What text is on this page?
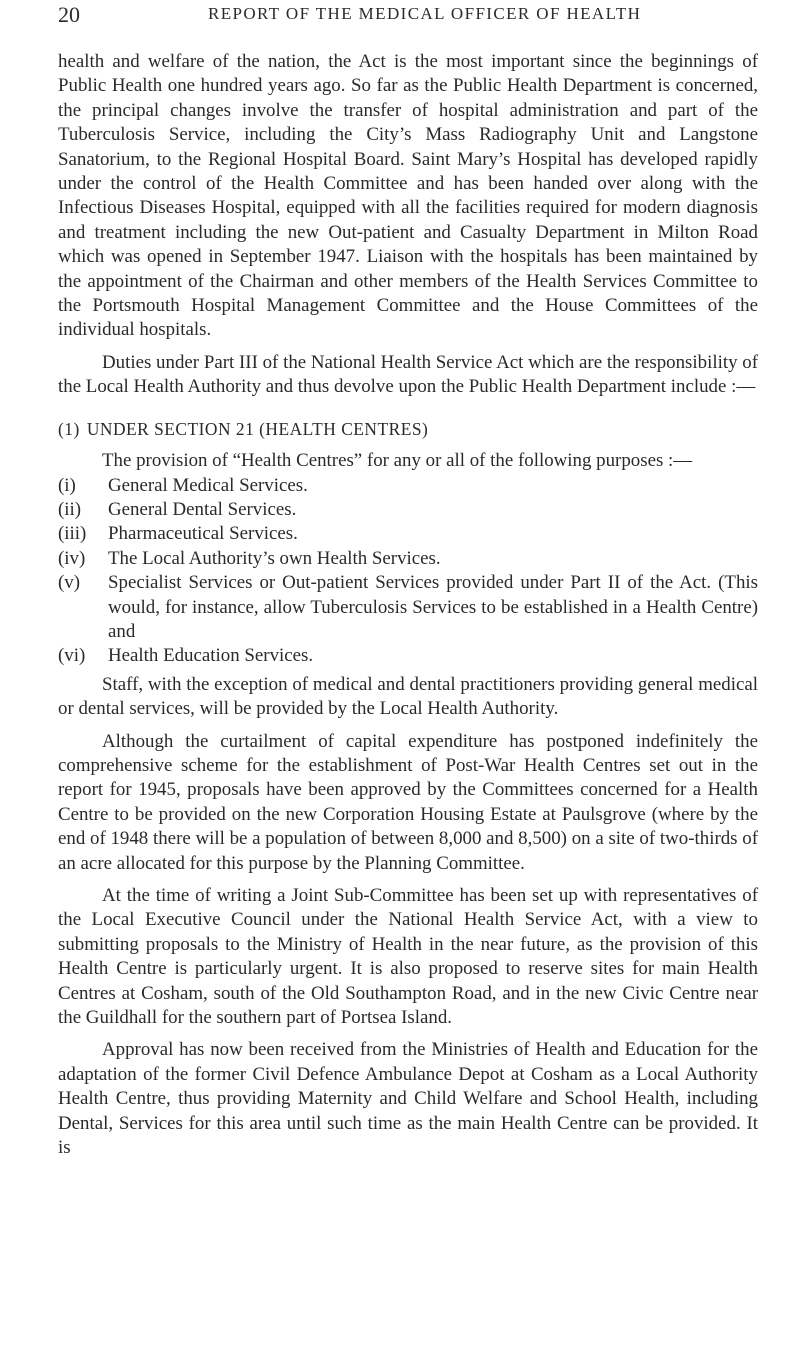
20	REPORT OF THE MEDICAL OFFICER OF HEALTH

health and welfare of the nation, the Act is the most important since the beginnings of Public Health one hundred years ago. So far as the Public Health Department is concerned, the principal changes involve the transfer of hospital administration and part of the Tuberculosis Service, including the City’s Mass Radiography Unit and Langstone Sanatorium, to the Regional Hospital Board. Saint Mary’s Hospital has developed rapidly under the control of the Health Committee and has been handed over along with the Infectious Diseases Hospital, equipped with all the facilities required for modern diagnosis and treatment including the new Out-patient and Casualty Department in Milton Road which was opened in September 1947. Liaison with the hospitals has been maintained by the appointment of the Chairman and other members of the Health Services Committee to the Portsmouth Hospital Management Committee and the House Committees of the individual hospitals.

Duties under Part III of the National Health Service Act which are the responsibility of the Local Health Authority and thus devolve upon the Public Health Department include :—

(1) UNDER SECTION 21 (HEALTH CENTRES)

The provision of “Health Centres” for any or all of the following purposes :—

(i)	General Medical Services.
(ii)	General Dental Services.
(iii)	Pharmaceutical Services.
(iv)	The Local Authority’s own Health Services.
(v)	Specialist Services or Out-patient Services provided under Part II of the Act. (This would, for instance, allow Tuberculosis Services to be established in a Health Centre) and
(vi)	Health Education Services.

Staff, with the exception of medical and dental practitioners providing general medical or dental services, will be provided by the Local Health Authority.

Although the curtailment of capital expenditure has postponed indefinitely the comprehensive scheme for the establishment of Post-War Health Centres set out in the report for 1945, proposals have been approved by the Committees concerned for a Health Centre to be provided on the new Corporation Housing Estate at Paulsgrove (where by the end of 1948 there will be a population of between 8,000 and 8,500) on a site of two-thirds of an acre allocated for this purpose by the Planning Committee.

At the time of writing a Joint Sub-Committee has been set up with representatives of the Local Executive Council under the National Health Service Act, with a view to submitting proposals to the Ministry of Health in the near future, as the provision of this Health Centre is particularly urgent. It is also proposed to reserve sites for main Health Centres at Cosham, south of the Old Southampton Road, and in the new Civic Centre near the Guildhall for the southern part of Portsea Island.

Approval has now been received from the Ministries of Health and Education for the adaptation of the former Civil Defence Ambulance Depot at Cosham as a Local Authority Health Centre, thus providing Maternity and Child Welfare and School Health, including Dental, Services for this area until such time as the main Health Centre can be provided. It is
